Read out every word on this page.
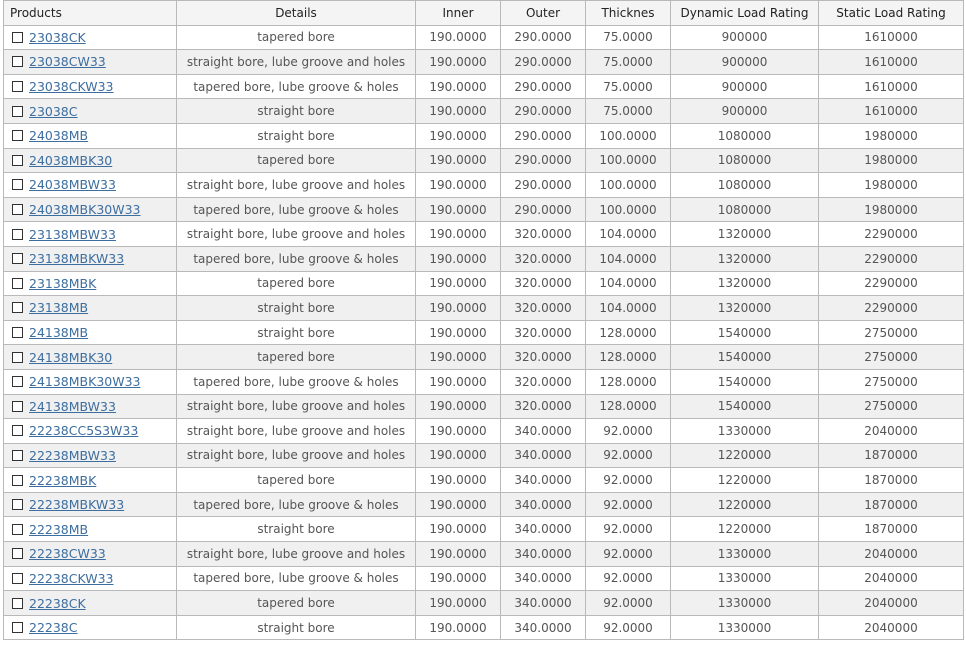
Products	Details	Inner	Outer	Thicknes	Dynamic Load Rating	Static Load Rating
23038CK	tapered bore	190.0000	290.0000	75.0000	900000	1610000
23038CW33	straight bore, lube groove and holes	190.0000	290.0000	75.0000	900000	1610000
23038CKW33	tapered bore, lube groove & holes	190.0000	290.0000	75.0000	900000	1610000
23038C	straight bore	190.0000	290.0000	75.0000	900000	1610000
24038MB	straight bore	190.0000	290.0000	100.0000	1080000	1980000
24038MBK30	tapered bore	190.0000	290.0000	100.0000	1080000	1980000
24038MBW33	straight bore, lube groove and holes	190.0000	290.0000	100.0000	1080000	1980000
24038MBK30W33	tapered bore, lube groove & holes	190.0000	290.0000	100.0000	1080000	1980000
23138MBW33	straight bore, lube groove and holes	190.0000	320.0000	104.0000	1320000	2290000
23138MBKW33	tapered bore, lube groove & holes	190.0000	320.0000	104.0000	1320000	2290000
23138MBK	tapered bore	190.0000	320.0000	104.0000	1320000	2290000
23138MB	straight bore	190.0000	320.0000	104.0000	1320000	2290000
24138MB	straight bore	190.0000	320.0000	128.0000	1540000	2750000
24138MBK30	tapered bore	190.0000	320.0000	128.0000	1540000	2750000
24138MBK30W33	tapered bore, lube groove & holes	190.0000	320.0000	128.0000	1540000	2750000
24138MBW33	straight bore, lube groove and holes	190.0000	320.0000	128.0000	1540000	2750000
22238CC5S3W33	straight bore, lube groove and holes	190.0000	340.0000	92.0000	1330000	2040000
22238MBW33	straight bore, lube groove and holes	190.0000	340.0000	92.0000	1220000	1870000
22238MBK	tapered bore	190.0000	340.0000	92.0000	1220000	1870000
22238MBKW33	tapered bore, lube groove & holes	190.0000	340.0000	92.0000	1220000	1870000
22238MB	straight bore	190.0000	340.0000	92.0000	1220000	1870000
22238CW33	straight bore, lube groove and holes	190.0000	340.0000	92.0000	1330000	2040000
22238CKW33	tapered bore, lube groove & holes	190.0000	340.0000	92.0000	1330000	2040000
22238CK	tapered bore	190.0000	340.0000	92.0000	1330000	2040000
22238C	straight bore	190.0000	340.0000	92.0000	1330000	2040000
